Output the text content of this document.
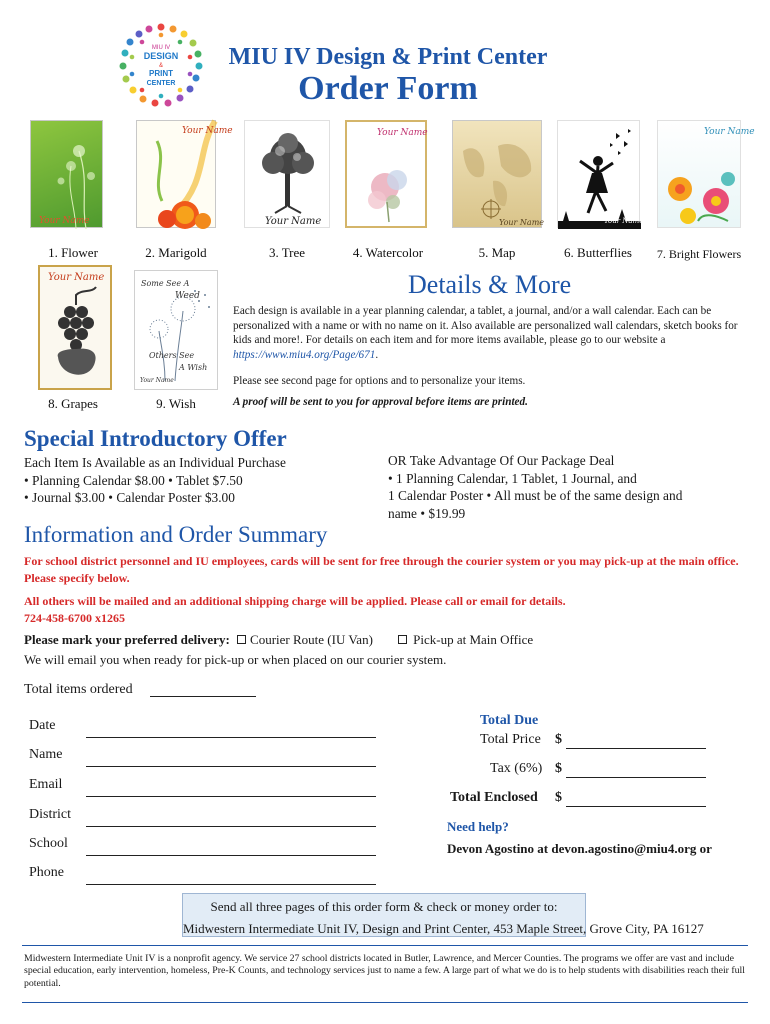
MIU IV
DESIGN
&
PRINT
CENTER
MIU IV Design & Print Center
Order Form
Your Name
Your Name
Your Name
Your Name
Your Name	Your Name
Your Name
1. Flower	2. Marigold	3. Tree	4. Watercolor	5. Map	6. Butterflies	7. Bright Flowers
Your Name
Some See A
Weed
Others See
A Wish
Your Name
8. Grapes	9. Wish
Details & More
Each design is available in a year planning calendar, a tablet, a journal, and/or a wall calendar. Each can be personalized with a name or with no name on it. Also available are personalized wall calendars, sketch books for kids and more!. For details on each item and for more items available, please go to our website a https://www.miu4.org/Page/671.
Please see second page for options and to personalize your items.
A proof will be sent to you for approval before items are printed.
Special Introductory Offer
Each Item Is Available as an Individual Purchase
• Planning Calendar $8.00 • Tablet $7.50
• Journal $3.00 • Calendar Poster $3.00
OR Take Advantage Of Our Package Deal
• 1 Planning Calendar, 1 Tablet, 1 Journal, and
1 Calendar Poster • All must be of the same design and
name • $19.99
Information and Order Summary
For school district personnel and IU employees, cards will be sent for free through the courier system or you may pick-up at the main office. Please specify below.
All others will be mailed and an additional shipping charge will be applied. Please call or email for details.
724-458-6700 x1265
Please mark your preferred delivery: Courier Route (IU Van)	Pick-up at Main Office
We will email you when ready for pick-up or when placed on our courier system.
Total items ordered
Date
Name
Email
District
School
Phone
Total Due
Total Price $
Tax (6%) $
Total Enclosed $
Need help?
Devon Agostino at devon.agostino@miu4.org or
Send all three pages of this order form & check or money order to:
Midwestern Intermediate Unit IV, Design and Print Center, 453 Maple Street, Grove City, PA 16127
Midwestern Intermediate Unit IV is a nonprofit agency. We service 27 school districts located in Butler, Lawrence, and Mercer Counties. The programs we offer are vast and include special education, early intervention, homeless, Pre-K Counts, and technology services just to name a few. A large part of what we do is to help students with disabilities reach their full potential.
